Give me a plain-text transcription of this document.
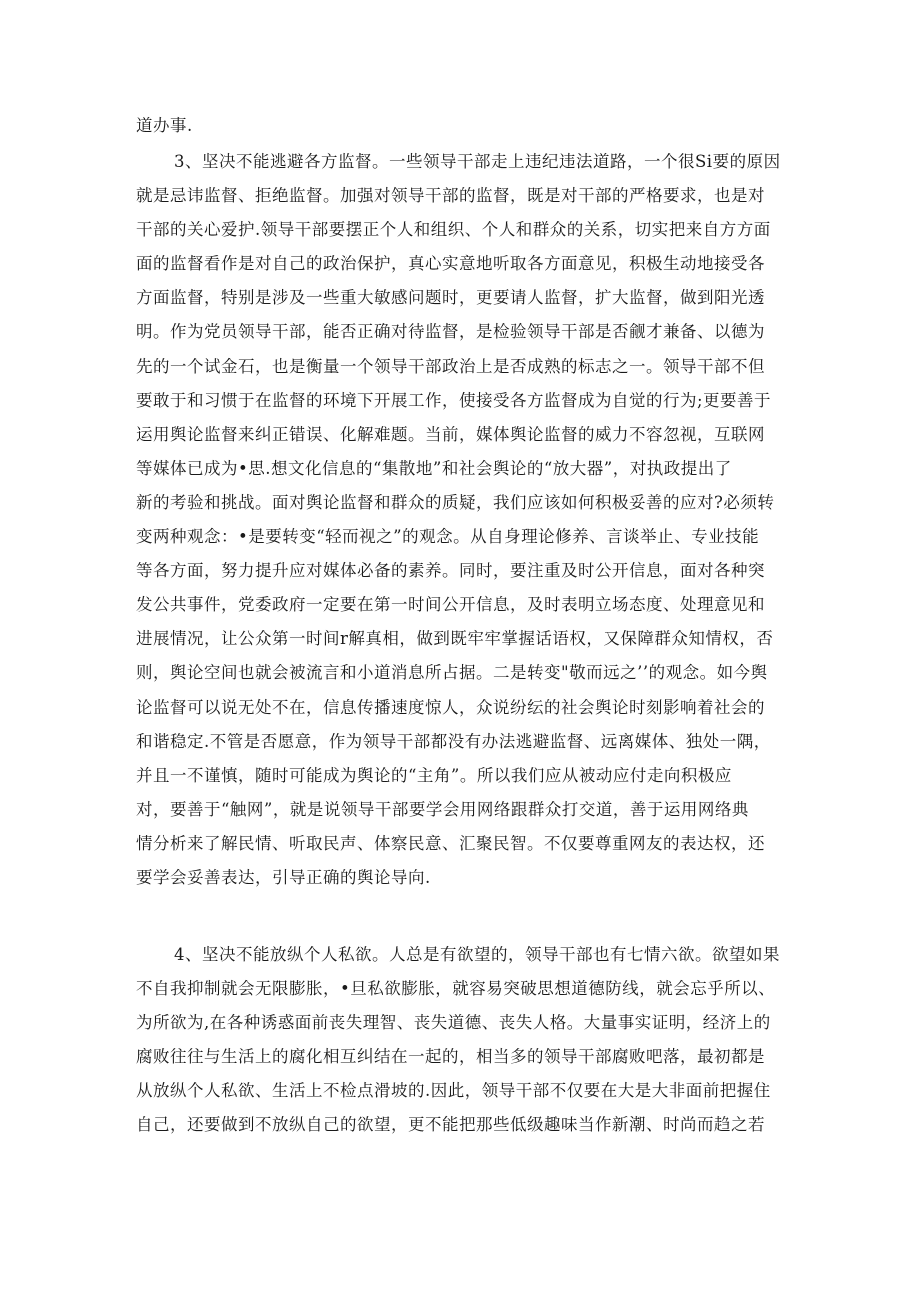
道办事.
3、坚决不能逃避各方监督。一些领导干部走上违纪违法道路，一个很Si要的原因
就是忌讳监督、拒绝监督。加强对领导干部的监督，既是对干部的严格要求，也是对
干部的关心爱护.领导干部要摆正个人和组织、个人和群众的关系，切实把来自方方面
面的监督看作是对自己的政治保护，真心实意地听取各方面意见，积极生动地接受各
方面监督，特别是涉及一些重大敏感问题时，更要请人监督，扩大监督，做到阳光透
明。作为党员领导干部，能否正确对待监督，是检验领导干部是否觎才兼备、以德为
先的一个试金石，也是衡量一个领导干部政治上是否成熟的标志之一。领导干部不但
要敢于和习惯于在监督的环境下开展工作，使接受各方监督成为自觉的行为;更要善于
运用舆论监督来纠正错误、化解难题。当前，媒体舆论监督的威力不容忽视，互联网
等媒体已成为•思.想文化信息的“集散地”和社会舆论的“放大器”，对执政提出了
新的考验和挑战。面对舆论监督和群众的质疑，我们应该如何积极妥善的应对?必须转
变两种观念：•是要转变“轻而视之”的观念。从自身理论修养、言谈举止、专业技能
等各方面，努力提升应对媒体必备的素养。同时，要注重及时公开信息，面对各种突
发公共事件，党委政府一定要在第一时间公开信息，及时表明立场态度、处理意见和
进展情况，让公众第一时间r解真相，做到既牢牢掌握话语权，又保障群众知情权，否
则，舆论空间也就会被流言和小道消息所占据。二是转变"敬而远之’’的观念。如今舆
论监督可以说无处不在，信息传播速度惊人，众说纷纭的社会舆论时刻影响着社会的
和谐稳定.不管是否愿意，作为领导干部都没有办法逃避监督、远离媒体、独处一隅，
并且一不谨慎，随时可能成为舆论的“主角”。所以我们应从被动应付走向积极应
对，要善于“触网”，就是说领导干部要学会用网络跟群众打交道，善于运用网络典
情分析来了解民情、听取民声、体察民意、汇聚民智。不仅要尊重网友的表达权，还
要学会妥善表达，引导正确的舆论导向.
4、坚决不能放纵个人私欲。人总是有欲望的，领导干部也有七情六欲。欲望如果
不自我抑制就会无限膨胀，•旦私欲膨胀，就容易突破思想道德防线，就会忘乎所以、
为所欲为,在各种诱惑面前丧失理智、丧失道德、丧失人格。大量事实证明，经济上的
腐败往往与生活上的腐化相互纠结在一起的，相当多的领导干部腐败吧落，最初都是
从放纵个人私欲、生活上不检点滑坡的.因此，领导干部不仅要在大是大非面前把握住
自己，还要做到不放纵自己的欲望，更不能把那些低级趣味当作新潮、时尚而趋之若
